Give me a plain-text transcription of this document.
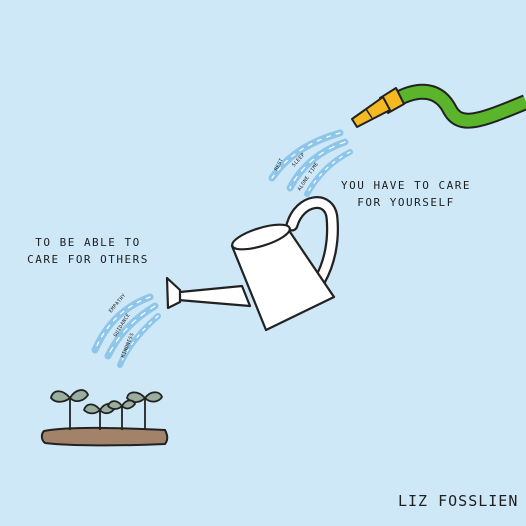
REST SLEEP
ALONE TIME
EMPATHY
GUIDANCE
KINDNESS
YOU HAVE TO CARE
FOR YOURSELF
TO BE ABLE TO
CARE FOR OTHERS
LIZ FOSSLIEN
